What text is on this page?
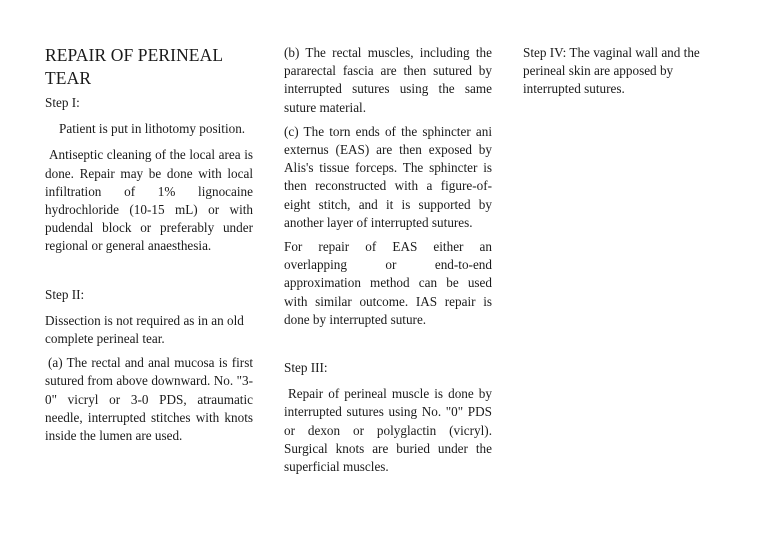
REPAIR OF PERINEAL TEAR

Step I:

Patient is put in lithotomy position.

Antiseptic cleaning of the local area is done. Repair may be done with local infiltration of 1% lignocaine hydrochloride (10-15 mL) or with pudendal block or preferably under regional or general anaesthesia.

Step II:

Dissection is not required as in an old complete perineal tear.

(a) The rectal and anal mucosa is first sutured from above downward. No. "3-0" vicryl or 3-0 PDS, atraumatic needle, interrupted stitches with knots inside the lumen are used.

(b) The rectal muscles, including the pararectal fascia are then sutured by interrupted sutures using the same suture material.

(c) The torn ends of the sphincter ani externus (EAS) are then exposed by Alis's tissue forceps. The sphincter is then reconstructed with a figure-of-eight stitch, and it is supported by another layer of interrupted sutures.

For repair of EAS either an overlapping or end-to-end approximation method can be used with similar outcome. IAS repair is done by interrupted suture.

Step III:

Repair of perineal muscle is done by interrupted sutures using No. "0" PDS or dexon or polyglactin (vicryl). Surgical knots are buried under the superficial muscles.

Step IV: The vaginal wall and the perineal skin are apposed by interrupted sutures.
